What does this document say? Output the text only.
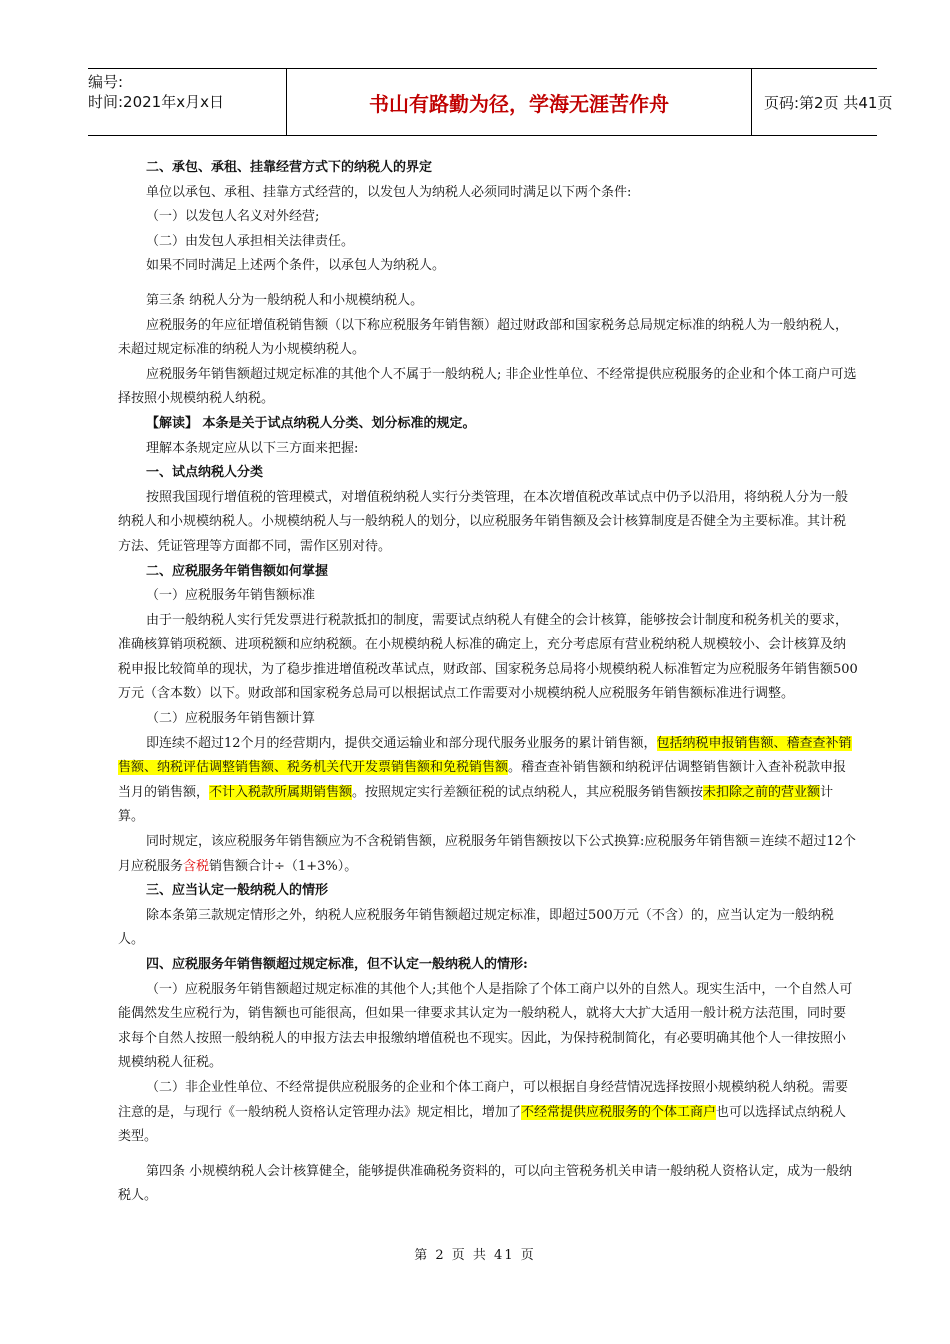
编号:
时间:2021年x月x日	书山有路勤为径，学海无涯苦作舟	页码:第2页 共41页

二、承包、承租、挂靠经营方式下的纳税人的界定

单位以承包、承租、挂靠方式经营的，以发包人为纳税人必须同时满足以下两个条件:

（一）以发包人名义对外经营;

（二）由发包人承担相关法律责任。

如果不同时满足上述两个条件，以承包人为纳税人。

第三条 纳税人分为一般纳税人和小规模纳税人。

应税服务的年应征增值税销售额（以下称应税服务年销售额）超过财政部和国家税务总局规定标准的纳税人为一般纳税人，未超过规定标准的纳税人为小规模纳税人。

应税服务年销售额超过规定标准的其他个人不属于一般纳税人; 非企业性单位、不经常提供应税服务的企业和个体工商户可选择按照小规模纳税人纳税。

【解读】 本条是关于试点纳税人分类、划分标准的规定。

理解本条规定应从以下三方面来把握:

一、试点纳税人分类

按照我国现行增值税的管理模式，对增值税纳税人实行分类管理，在本次增值税改革试点中仍予以沿用，将纳税人分为一般纳税人和小规模纳税人。小规模纳税人与一般纳税人的划分，以应税服务年销售额及会计核算制度是否健全为主要标准。其计税方法、凭证管理等方面都不同，需作区别对待。

二、应税服务年销售额如何掌握

（一）应税服务年销售额标准

由于一般纳税人实行凭发票进行税款抵扣的制度，需要试点纳税人有健全的会计核算，能够按会计制度和税务机关的要求，准确核算销项税额、进项税额和应纳税额。在小规模纳税人标准的确定上，充分考虑原有营业税纳税人规模较小、会计核算及纳税申报比较简单的现状，为了稳步推进增值税改革试点，财政部、国家税务总局将小规模纳税人标准暂定为应税服务年销售额500万元（含本数）以下。财政部和国家税务总局可以根据试点工作需要对小规模纳税人应税服务年销售额标准进行调整。

（二）应税服务年销售额计算

即连续不超过12个月的经营期内，提供交通运输业和部分现代服务业服务的累计销售额，包括纳税申报销售额、稽查查补销售额、纳税评估调整销售额、税务机关代开发票销售额和免税销售额。稽查查补销售额和纳税评估调整销售额计入查补税款申报当月的销售额，不计入税款所属期销售额。按照规定实行差额征税的试点纳税人，其应税服务销售额按未扣除之前的营业额计算。

同时规定，该应税服务年销售额应为不含税销售额，应税服务年销售额按以下公式换算:应税服务年销售额＝连续不超过12个月应税服务含税销售额合计÷（1+3%）。

三、应当认定一般纳税人的情形

除本条第三款规定情形之外，纳税人应税服务年销售额超过规定标准，即超过500万元（不含）的，应当认定为一般纳税人。

四、应税服务年销售额超过规定标准，但不认定一般纳税人的情形:

（一）应税服务年销售额超过规定标准的其他个人;其他个人是指除了个体工商户以外的自然人。现实生活中，一个自然人可能偶然发生应税行为，销售额也可能很高，但如果一律要求其认定为一般纳税人，就将大大扩大适用一般计税方法范围，同时要求每个自然人按照一般纳税人的申报方法去申报缴纳增值税也不现实。因此，为保持税制简化，有必要明确其他个人一律按照小规模纳税人征税。

（二）非企业性单位、不经常提供应税服务的企业和个体工商户，可以根据自身经营情况选择按照小规模纳税人纳税。需要注意的是，与现行《一般纳税人资格认定管理办法》规定相比，增加了不经常提供应税服务的个体工商户也可以选择试点纳税人类型。

第四条 小规模纳税人会计核算健全，能够提供准确税务资料的，可以向主管税务机关申请一般纳税人资格认定，成为一般纳税人。

第 2 页 共 41 页
